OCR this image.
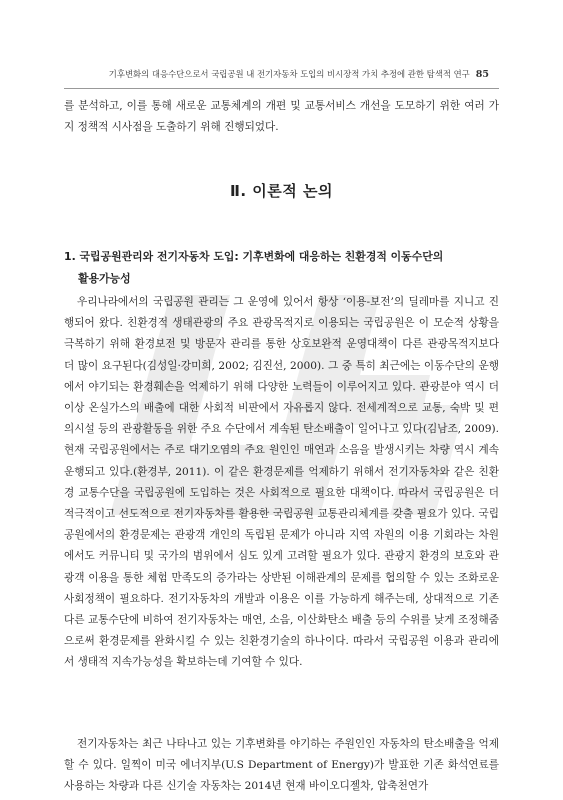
기후변화의 대응수단으로서 국립공원 내 전기자동차 도입의 비시장적 가치 추정에 관한 탐색적 연구 85

를 분석하고, 이를 통해 새로운 교통체계의 개편 및 교통서비스 개선을 도모하기 위한 여러 가지 정책적 시사점을 도출하기 위해 진행되었다.

Ⅱ. 이론적 논의
1. 국립공원관리와 전기자동차 도입: 기후변화에 대응하는 친환경적 이동수단의
활용가능성

우리나라에서의 국립공원 관리는 그 운영에 있어서 항상 ‘이용-보전’의 딜레마를 지니고 진행되어 왔다. 친환경적 생태관광의 주요 관광목적지로 이용되는 국립공원은 이 모순적 상황을 극복하기 위해 환경보전 및 방문자 관리를 통한 상호보완적 운영대책이 다른 관광목적지보다 더 많이 요구된다(김성일·강미희, 2002; 김진선, 2000). 그 중 특히 최근에는 이동수단의 운행에서 야기되는 환경훼손을 억제하기 위해 다양한 노력들이 이루어지고 있다. 관광분야 역시 더 이상 온실가스의 배출에 대한 사회적 비판에서 자유롭지 않다. 전세계적으로 교통, 숙박 및 편의시설 등의 관광활동을 위한 주요 수단에서 계속된 탄소배출이 일어나고 있다(김남조, 2009). 현재 국립공원에서는 주로 대기오염의 주요 원인인 매연과 소음을 발생시키는 차량 역시 계속 운행되고 있다.(환경부, 2011). 이 같은 환경문제를 억제하기 위해서 전기자동차와 같은 친환경 교통수단을 국립공원에 도입하는 것은 사회적으로 필요한 대책이다. 따라서 국립공원은 더 적극적이고 선도적으로 전기자동차를 활용한 국립공원 교통관리체계를 갖출 필요가 있다. 국립공원에서의 환경문제는 관광객 개인의 독립된 문제가 아니라 지역 자원의 이용 기회라는 차원에서도 커뮤니티 및 국가의 범위에서 심도 있게 고려할 필요가 있다. 관광지 환경의 보호와 관광객 이용을 통한 체험 만족도의 증가라는 상반된 이해관계의 문제를 협의할 수 있는 조화로운 사회정책이 필요하다. 전기자동차의 개발과 이용은 이를 가능하게 해주는데, 상대적으로 기존 다른 교통수단에 비하여 전기자동차는 매연, 소음, 이산화탄소 배출 등의 수위를 낮게 조정해줌으로써 환경문제를 완화시킬 수 있는 친환경기술의 하나이다. 따라서 국립공원 이용과 관리에서 생태적 지속가능성을 확보하는데 기여할 수 있다.

전기자동차는 최근 나타나고 있는 기후변화를 야기하는 주원인인 자동차의 탄소배출을 억제할 수 있다. 일찍이 미국 에너지부(U.S Department of Energy)가 발표한 기존 화석연료를 사용하는 차량과 다른 신기술 자동차는 2014년 현재 바이오디젤차, 압축천연가
